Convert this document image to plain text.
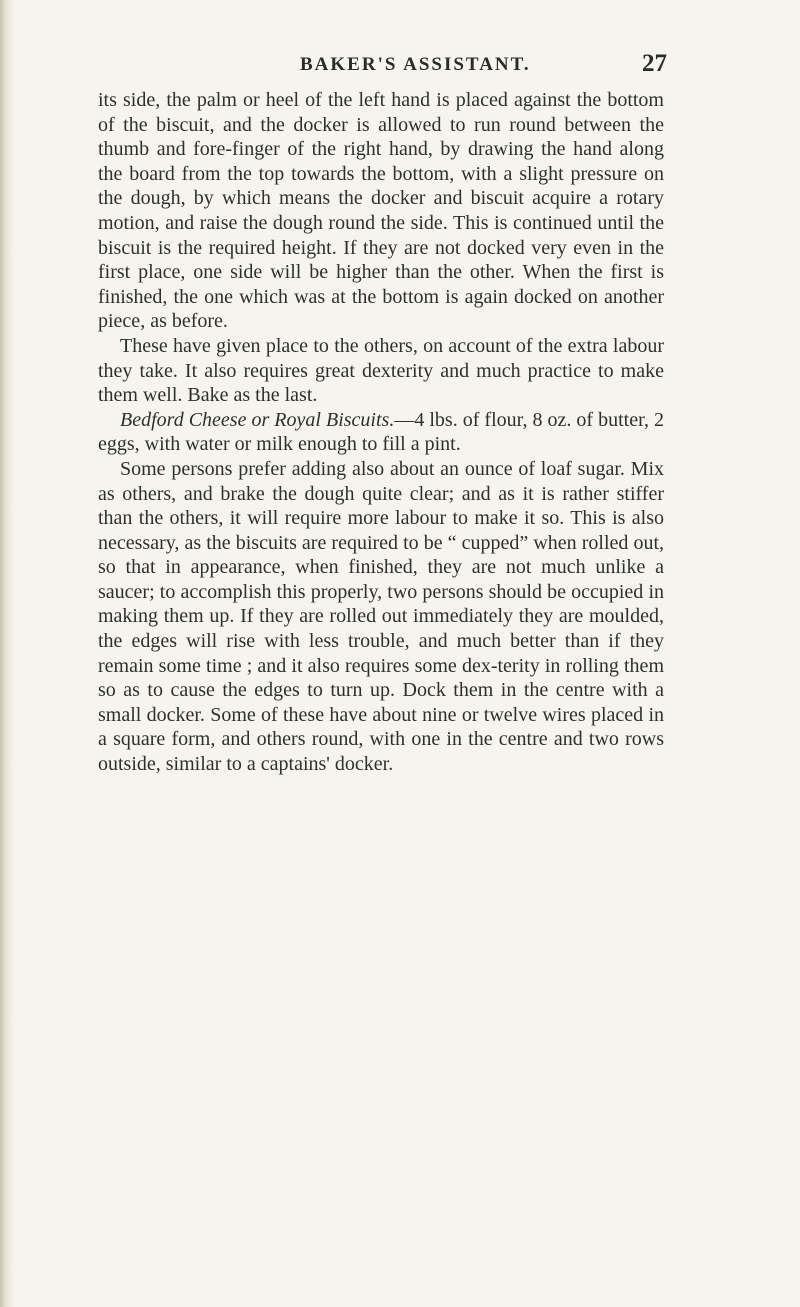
BAKER'S ASSISTANT.	27

its side, the palm or heel of the left hand is placed against the bottom of the biscuit, and the docker is allowed to run round between the thumb and fore-finger of the right hand, by drawing the hand along the board from the top towards the bottom, with a slight pressure on the dough, by which means the docker and biscuit acquire a rotary motion, and raise the dough round the side. This is continued until the biscuit is the required height. If they are not docked very even in the first place, one side will be higher than the other. When the first is finished, the one which was at the bottom is again docked on another piece, as before.

These have given place to the others, on account of the extra labour they take. It also requires great dexterity and much practice to make them well. Bake as the last.

Bedford Cheese or Royal Biscuits.—4 lbs. of flour, 8 oz. of butter, 2 eggs, with water or milk enough to fill a pint.

Some persons prefer adding also about an ounce of loaf sugar. Mix as others, and brake the dough quite clear; and as it is rather stiffer than the others, it will require more labour to make it so. This is also necessary, as the biscuits are required to be “ cupped” when rolled out, so that in appearance, when finished, they are not much unlike a saucer; to accomplish this properly, two persons should be occupied in making them up. If they are rolled out immediately they are moulded, the edges will rise with less trouble, and much better than if they remain some time ; and it also requires some dex-terity in rolling them so as to cause the edges to turn up. Dock them in the centre with a small docker. Some of these have about nine or twelve wires placed in a square form, and others round, with one in the centre and two rows outside, similar to a captains' docker.
